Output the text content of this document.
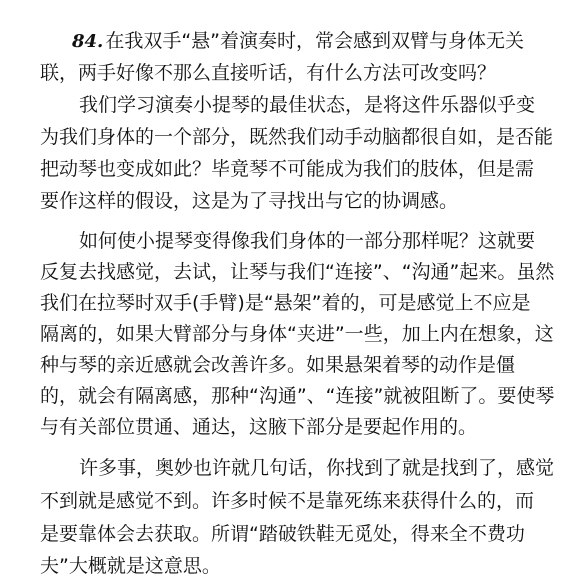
84. 在我双手“悬”着演奏时，常会感到双臂与身体无关
联，两手好像不那么直接听话，有什么方法可改变吗？
我们学习演奏小提琴的最佳状态，是将这件乐器似乎变
为我们身体的一个部分，既然我们动手动脑都很自如，是否能
把动琴也变成如此？毕竟琴不可能成为我们的肢体，但是需
要作这样的假设，这是为了寻找出与它的协调感。
如何使小提琴变得像我们身体的一部分那样呢？这就要
反复去找感觉，去试，让琴与我们“连接”、“沟通”起来。虽然
我们在拉琴时双手(手臂)是“悬架”着的，可是感觉上不应是
隔离的，如果大臂部分与身体“夹进”一些，加上内在想象，这
种与琴的亲近感就会改善许多。如果悬架着琴的动作是僵
的，就会有隔离感，那种“沟通”、“连接”就被阻断了。要使琴
与有关部位贯通、通达，这腋下部分是要起作用的。
许多事，奥妙也许就几句话，你找到了就是找到了，感觉
不到就是感觉不到。许多时候不是靠死练来获得什么的，而
是要靠体会去获取。所谓“踏破铁鞋无觅处，得来全不费功
夫”大概就是这意思。
